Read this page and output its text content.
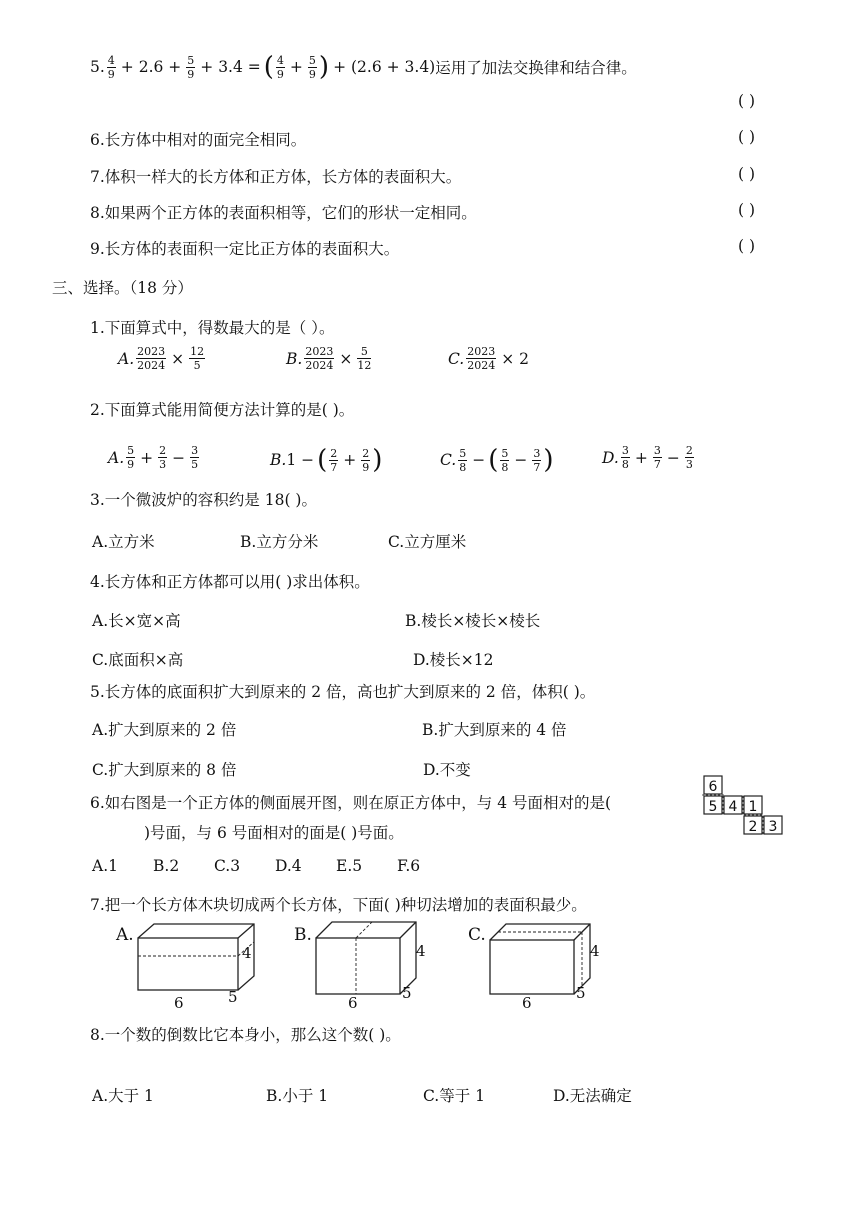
5. $\frac{4}{9} + 2.6 + \frac{5}{9} + 3.4$ = ( $\frac{4}{9} + \frac{5}{9}$ ) + (2.6 + 3.4) 运用了加法交换律和结合律。
( )
6.长方体中相对的面完全相同。	( )
7.体积一样大的长方体和正方体，长方体的表面积大。	( )
8.如果两个正方体的表面积相等，它们的形状一定相同。	( )
9.长方体的表面积一定比正方体的表面积大。	( )
三、选择。（18 分）
1.下面算式中，得数最大的是（ ）。
A. $\frac{2023}{2024} \times \frac{12}{5}$	B. $\frac{2023}{2024} \times \frac{5}{12}$	C. $\frac{2023}{2024} \times 2$
2.下面算式能用简便方法计算的是( )。
A. $\frac{5}{9} + \frac{2}{3} - \frac{3}{5}$	B. 1 − ( $\frac{2}{7} + \frac{2}{9}$ )	C. $\frac{5}{8}$ − ( $\frac{5}{8} - \frac{3}{7}$ )	D. $\frac{3}{8} + \frac{3}{7} - \frac{2}{3}$
3.一个微波炉的容积约是 18( )。
A.立方米	B.立方分米	C.立方厘米
4.长方体和正方体都可以用( )求出体积。
A.长×宽×高	B.棱长×棱长×棱长
C.底面积×高	D.棱长×12
5.长方体的底面积扩大到原来的 2 倍，高也扩大到原来的 2 倍，体积( )。
A.扩大到原来的 2 倍	B.扩大到原来的 4 倍
C.扩大到原来的 8 倍	D.不变
6.如右图是一个正方体的侧面展开图，则在原正方体中，与 4 号面相对的是(
)号面，与 6 号面相对的面是( )号面。
6
5 4 1
2 3
A.1 B.2 C.3 D.4 E.5 F.6
7.把一个长方体木块切成两个长方体，下面( )种切法增加的表面积最少。
A.
4
6	5
B.
4
6
5
C.
4
6
5
8.一个数的倒数比它本身小，那么这个数( )。
A.大于 1	B.小于 1	C.等于 1	D.无法确定
